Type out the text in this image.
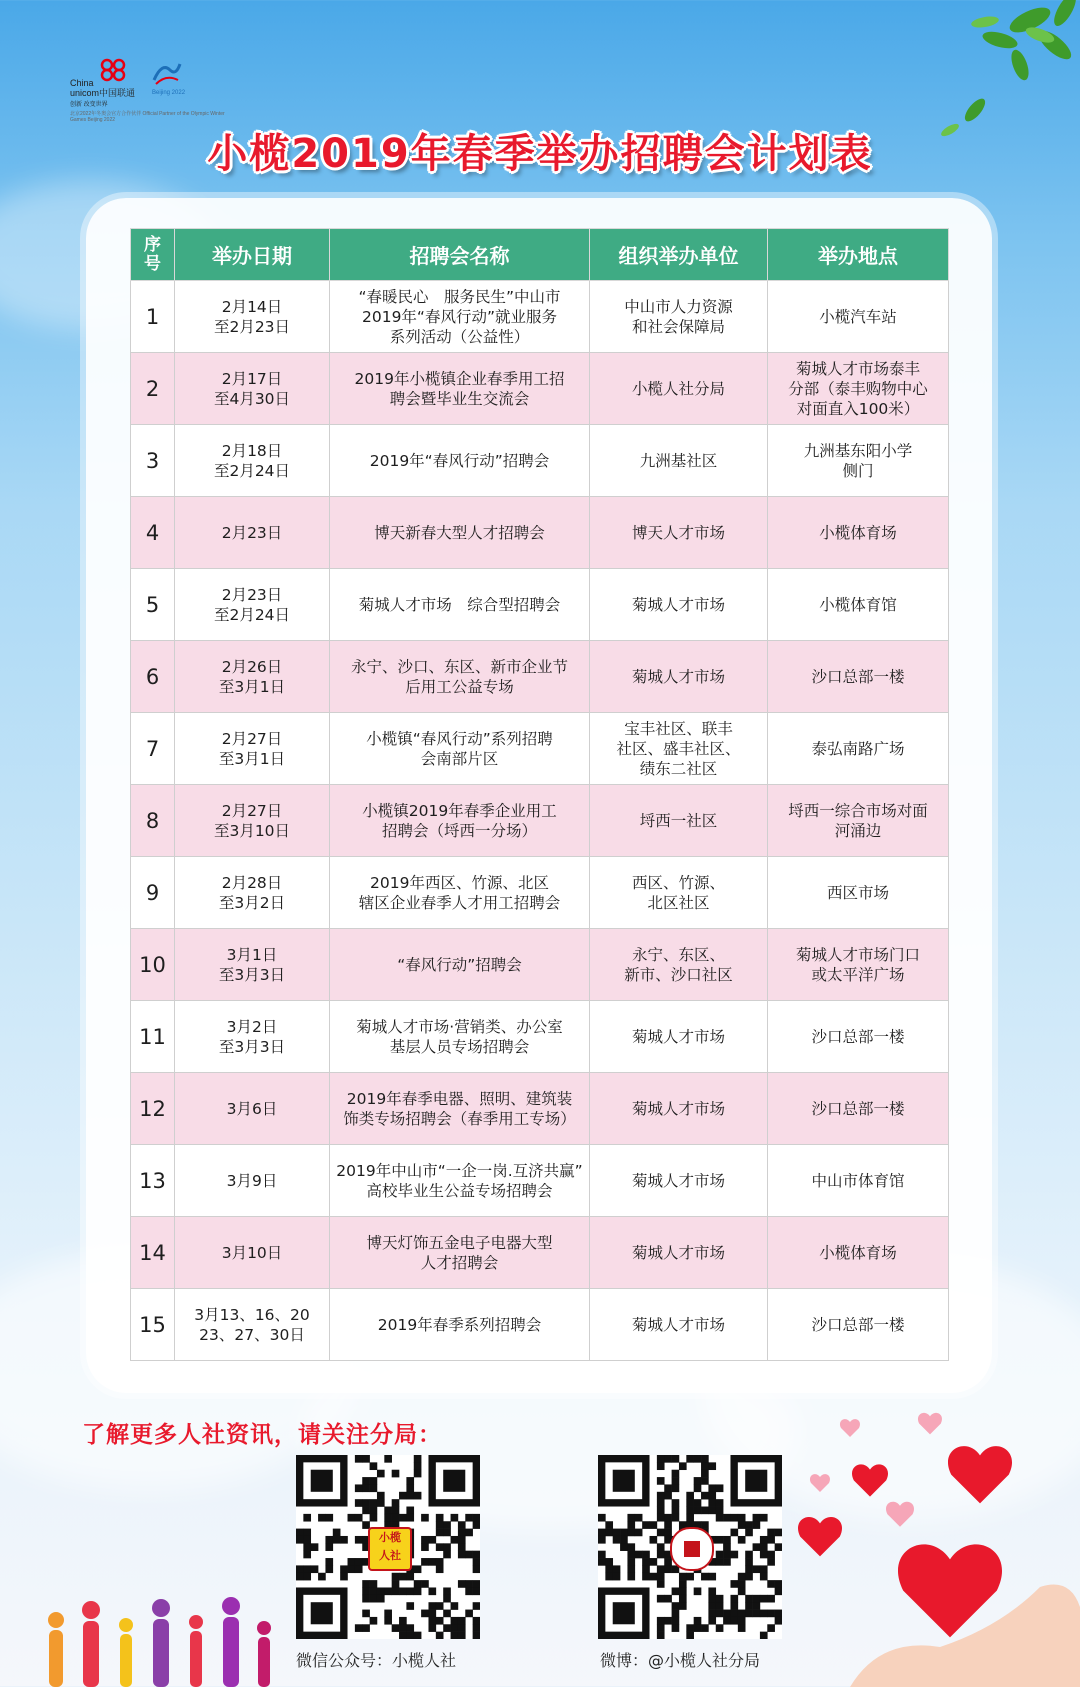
China
unicom中国联通
创新 改变世界
Beijing 2022
北京2022年冬奥会官方合作伙伴 Official Partner of the Olympic Winter Games Beijing 2022
小榄2019年春季举办招聘会计划表
序
号	举办日期	招聘会名称	组织举办单位	举办地点
1	2月14日
至2月23日	“春暖民心　服务民生”中山市
2019年“春风行动”就业服务
系列活动（公益性）	中山市人力资源
和社会保障局	小榄汽车站
2	2月17日
至4月30日	2019年小榄镇企业春季用工招
聘会暨毕业生交流会	小榄人社分局	菊城人才市场泰丰
分部（泰丰购物中心
对面直入100米）
3	2月18日
至2月24日	2019年“春风行动”招聘会	九洲基社区	九洲基东阳小学
侧门
4	2月23日	博天新春大型人才招聘会	博天人才市场	小榄体育场
5	2月23日
至2月24日	菊城人才市场　综合型招聘会	菊城人才市场	小榄体育馆
6	2月26日
至3月1日	永宁、沙口、东区、新市企业节
后用工公益专场	菊城人才市场	沙口总部一楼
7	2月27日
至3月1日	小榄镇“春风行动”系列招聘
会南部片区	宝丰社区、联丰
社区、盛丰社区、
绩东二社区	泰弘南路广场
8	2月27日
至3月10日	小榄镇2019年春季企业用工
招聘会（埒西一分场）	埒西一社区	埒西一综合市场对面
河涌边
9	2月28日
至3月2日	2019年西区、竹源、北区
辖区企业春季人才用工招聘会	西区、竹源、
北区社区	西区市场
10	3月1日
至3月3日	“春风行动”招聘会	永宁、东区、
新市、沙口社区	菊城人才市场门口
或太平洋广场
11	3月2日
至3月3日	菊城人才市场·营销类、办公室
基层人员专场招聘会	菊城人才市场	沙口总部一楼
12	3月6日	2019年春季电器、照明、建筑装
饰类专场招聘会（春季用工专场）	菊城人才市场	沙口总部一楼
13	3月9日	2019年中山市“一企一岗.互济共赢”
高校毕业生公益专场招聘会	菊城人才市场	中山市体育馆
14	3月10日	博天灯饰五金电子电器大型
人才招聘会	菊城人才市场	小榄体育场
15	3月13、16、20
23、27、30日	2019年春季系列招聘会	菊城人才市场	沙口总部一楼
了解更多人社资讯，请关注分局：
小榄
人社
微信公众号：小榄人社	微博：@小榄人社分局
